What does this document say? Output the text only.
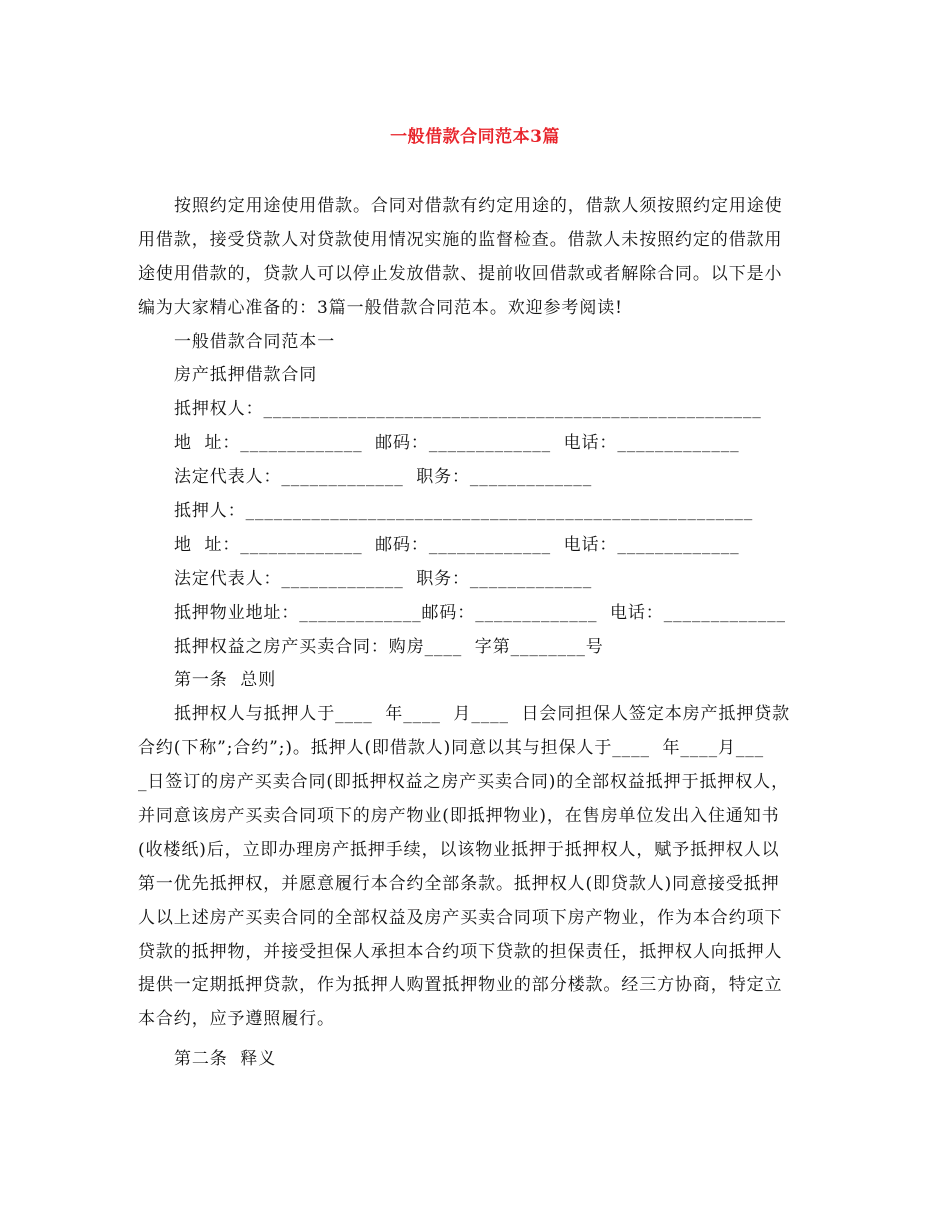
一般借款合同范本3篇
按照约定用途使用借款。合同对借款有约定用途的，借款人须按照约定用途使
用借款，接受贷款人对贷款使用情况实施的监督检查。借款人未按照约定的借款用
途使用借款的，贷款人可以停止发放借款、提前收回借款或者解除合同。以下是小
编为大家精心准备的：3篇一般借款合同范本。欢迎参考阅读!
一般借款合同范本一
房产抵押借款合同
抵押权人：_____________________________________________________
地  址：_____________  邮码：_____________  电话：_____________
法定代表人：_____________  职务：_____________
抵押人：______________________________________________________
地  址：_____________  邮码：_____________  电话：_____________
法定代表人：_____________  职务：_____________
抵押物业地址：_____________邮码：_____________  电话：_____________
抵押权益之房产买卖合同：购房____  字第________号
第一条  总则
抵押权人与抵押人于____  年____  月____  日会同担保人签定本房产抵押贷款
合约(下称”;合约”;)。抵押人(即借款人)同意以其与担保人于____  年____月___
_日签订的房产买卖合同(即抵押权益之房产买卖合同)的全部权益抵押于抵押权人，
并同意该房产买卖合同项下的房产物业(即抵押物业)，在售房单位发出入住通知书
(收楼纸)后，立即办理房产抵押手续，以该物业抵押于抵押权人，赋予抵押权人以
第一优先抵押权，并愿意履行本合约全部条款。抵押权人(即贷款人)同意接受抵押
人以上述房产买卖合同的全部权益及房产买卖合同项下房产物业，作为本合约项下
贷款的抵押物，并接受担保人承担本合约项下贷款的担保责任，抵押权人向抵押人
提供一定期抵押贷款，作为抵押人购置抵押物业的部分楼款。经三方协商，特定立
本合约，应予遵照履行。
第二条  释义
